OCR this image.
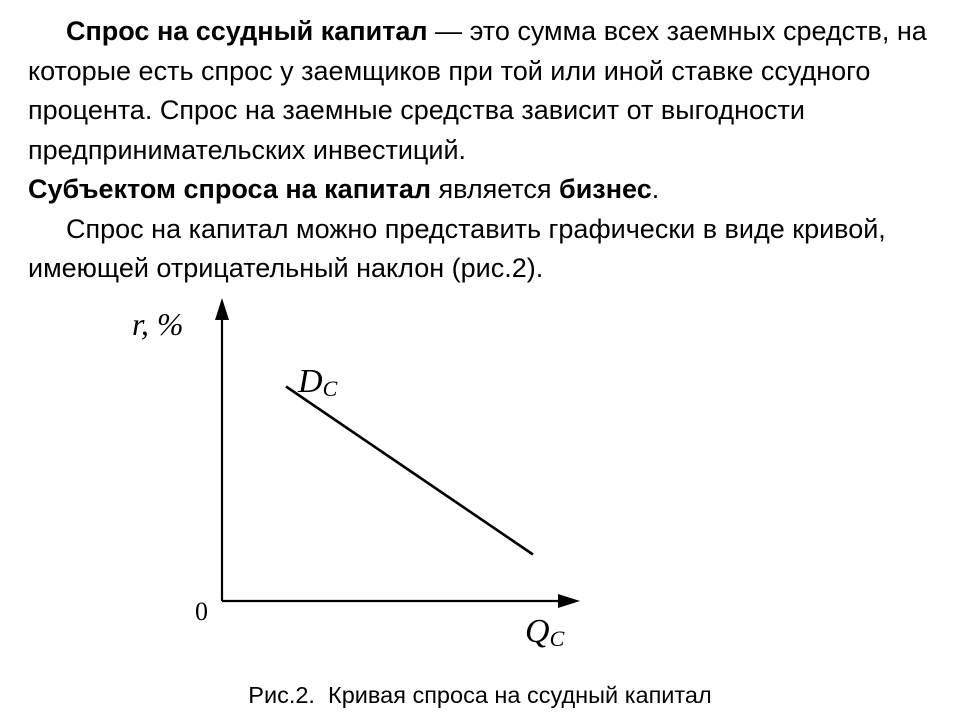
Спрос на ссудный капитал — это сумма всех заемных средств, на которые есть спрос у заемщиков при той или иной ставке ссудного процента. Спрос на заемные средства зависит от выгодности предпринимательских инвестиций.

Субъектом спроса на капитал является бизнес.

Спрос на капитал можно представить графически в виде кривой, имеющей отрицательный наклон (рис.2).

r, %
0
DC
QC
Рис.2. Кривая спроса на ссудный капитал
